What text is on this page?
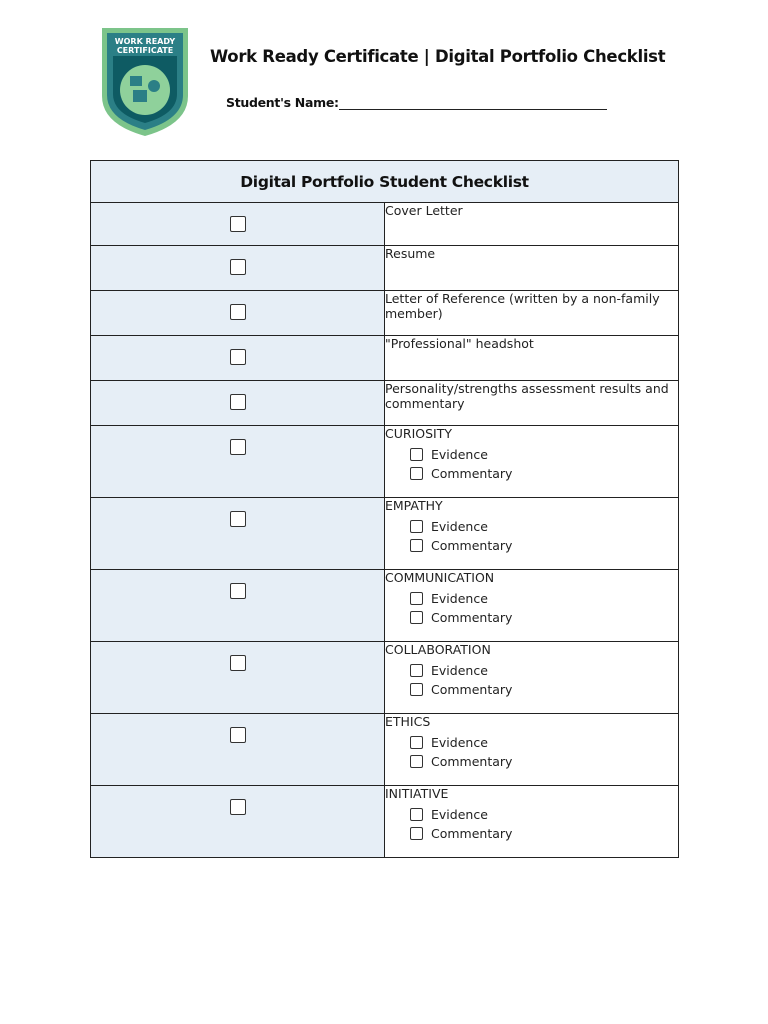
WORK READY
CERTIFICATE Work Ready Certificate | Digital Portfolio Checklist
Student's Name:
Digital Portfolio Student Checklist	
	Cover Letter
	Resume
	Letter of Reference (written by a non-family member)
	"Professional" headshot
	Personality/strengths assessment results and commentary

	CURIOSITY
Evidence
Commentary

	EMPATHY
Evidence
Commentary

	COMMUNICATION
Evidence
Commentary

	COLLABORATION
Evidence
Commentary

	ETHICS
Evidence
Commentary

	INITIATIVE
Evidence
Commentary
